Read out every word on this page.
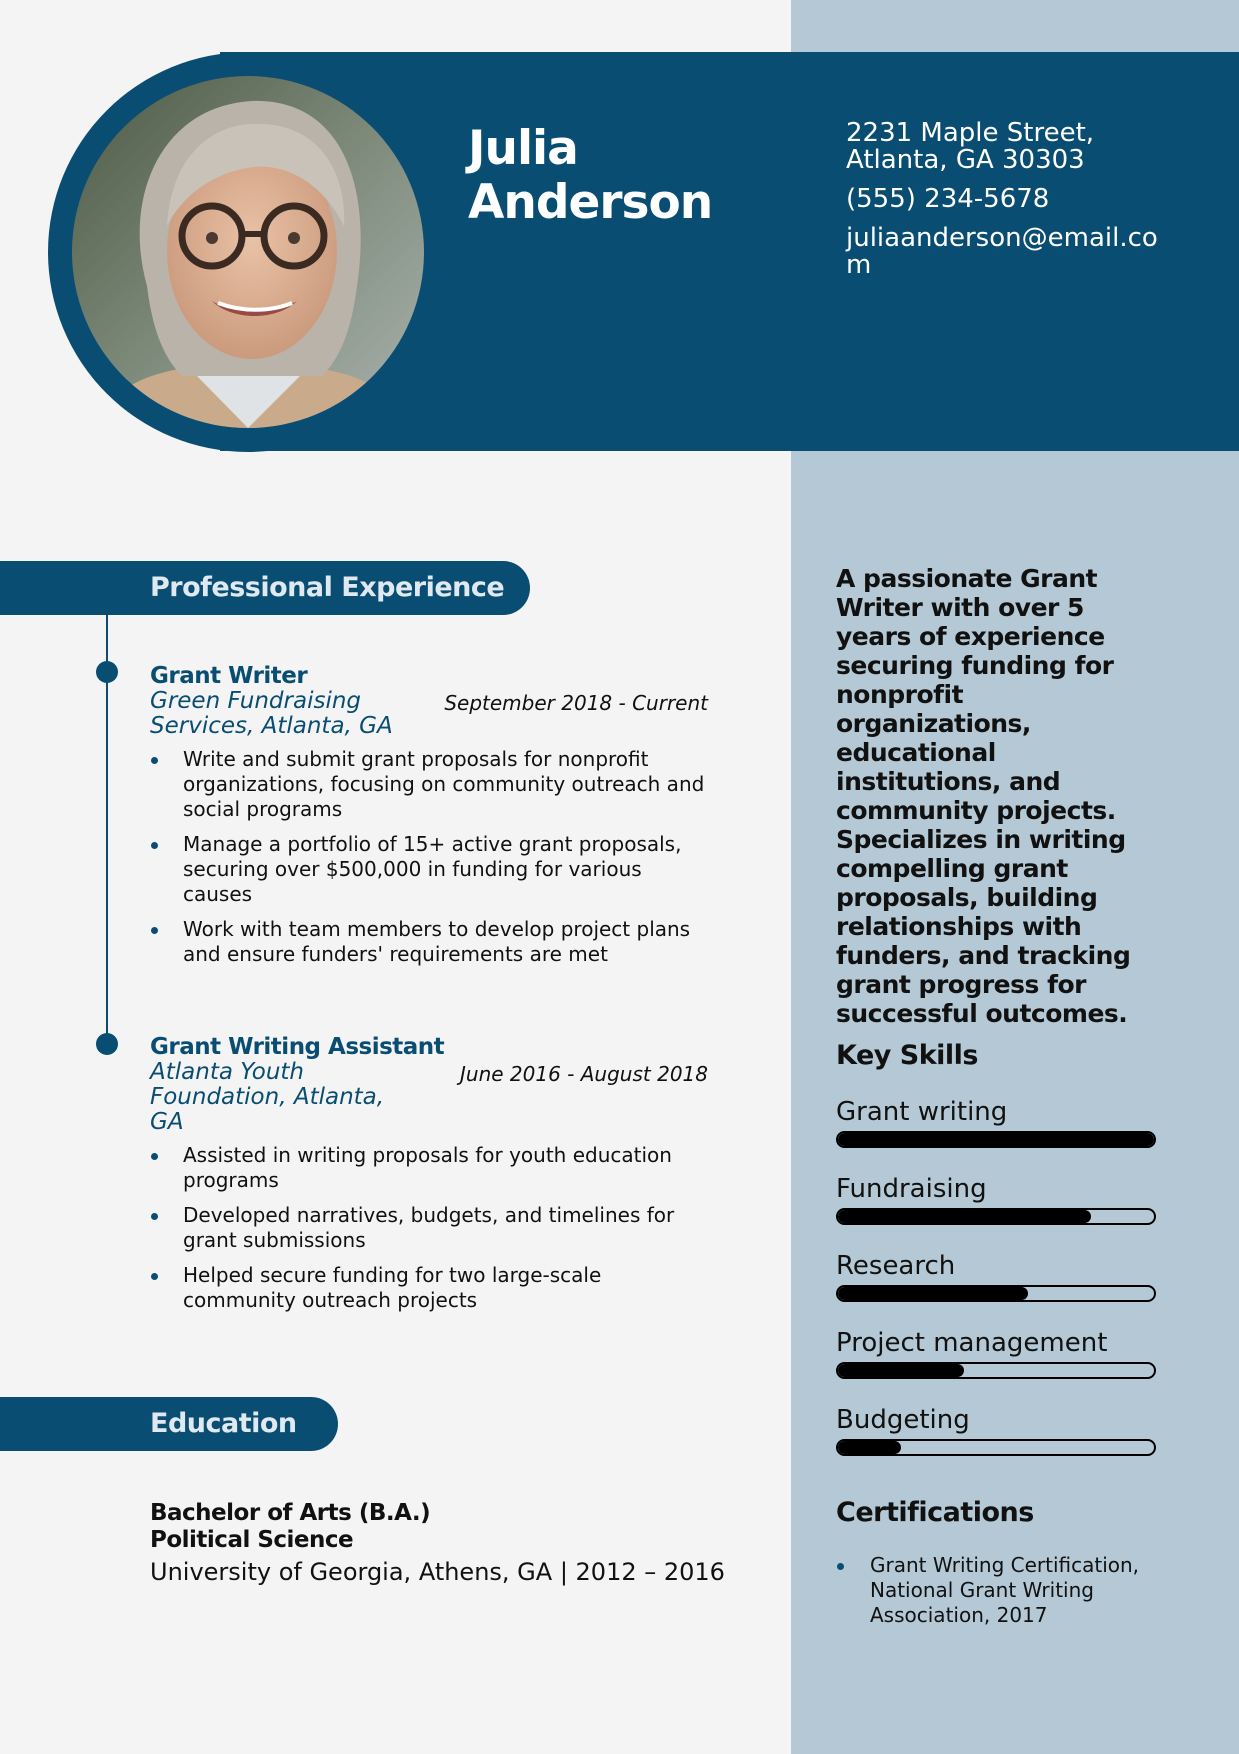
Julia
Anderson
2231 Maple Street,
Atlanta, GA 30303
(555) 234-5678
juliaanderson@email.com
Professional Experience
Grant Writer
Green Fundraising Services, Atlanta, GA
September 2018 - Current
Write and submit grant proposals for nonprofit organizations, focusing on community outreach and social programs
Manage a portfolio of 15+ active grant proposals, securing over $500,000 in funding for various causes
Work with team members to develop project plans and ensure funders' requirements are met
Grant Writing Assistant
Atlanta Youth Foundation, Atlanta, GA
June 2016 - August 2018
Assisted in writing proposals for youth education programs
Developed narratives, budgets, and timelines for grant submissions
Helped secure funding for two large-scale community outreach projects
Education
Bachelor of Arts (B.A.)
Political Science
University of Georgia, Athens, GA | 2012 – 2016
A passionate Grant Writer with over 5 years of experience securing funding for nonprofit organizations, educational institutions, and community projects. Specializes in writing compelling grant proposals, building relationships with funders, and tracking grant progress for successful outcomes.
Key Skills
Grant writing
Fundraising
Research
Project management
Budgeting
Certifications
Grant Writing Certification, National Grant Writing Association, 2017
